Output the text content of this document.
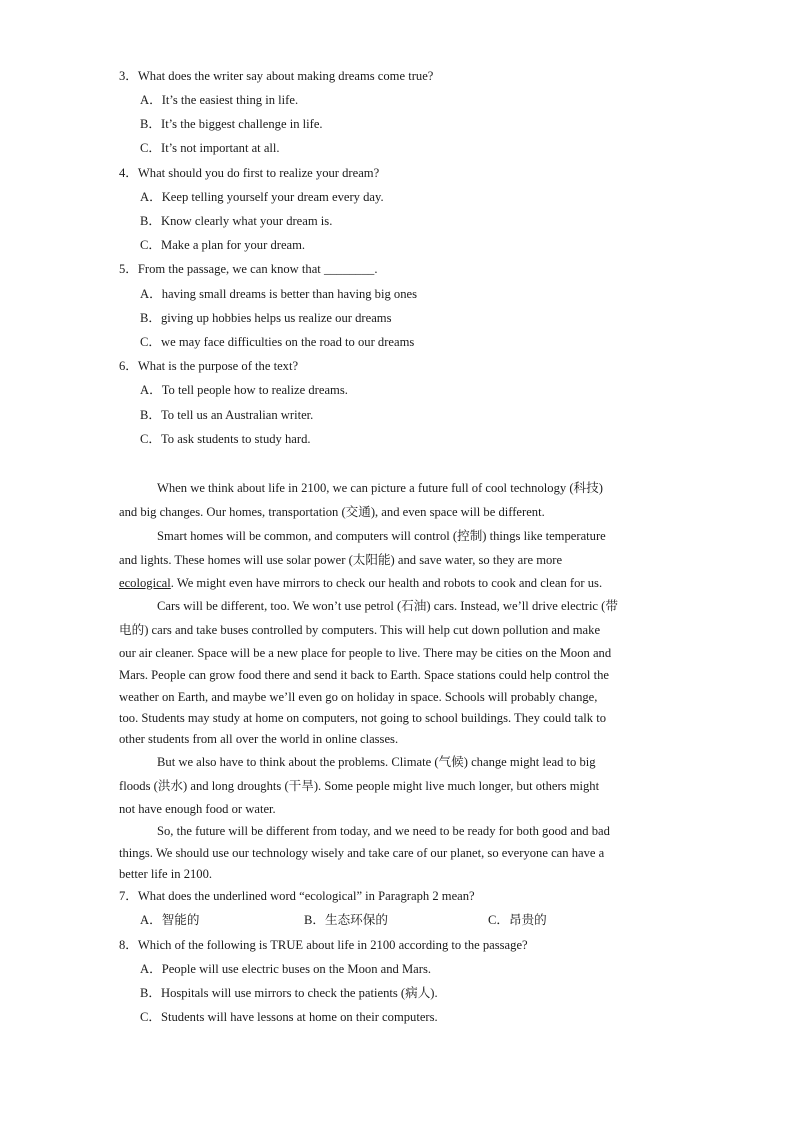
3．What does the writer say about making dreams come true?
A．It’s the easiest thing in life.
B．It’s the biggest challenge in life.
C．It’s not important at all.
4．What should you do first to realize your dream?
A．Keep telling yourself your dream every day.
B．Know clearly what your dream is.
C．Make a plan for your dream.
5．From the passage, we can know that ________.
A．having small dreams is better than having big ones
B．giving up hobbies helps us realize our dreams
C．we may face difficulties on the road to our dreams
6．What is the purpose of the text?
A．To tell people how to realize dreams.
B．To tell us an Australian writer.
C．To ask students to study hard.
When we think about life in 2100, we can picture a future full of cool technology (科技)
and big changes. Our homes, transportation (交通), and even space will be different.
Smart homes will be common, and computers will control (控制) things like temperature
and lights. These homes will use solar power (太阳能) and save water, so they are more
ecological. We might even have mirrors to check our health and robots to cook and clean for us.
Cars will be different, too. We won’t use petrol (石油) cars. Instead, we’ll drive electric (带
电的) cars and take buses controlled by computers. This will help cut down pollution and make
our air cleaner. Space will be a new place for people to live. There may be cities on the Moon and
Mars. People can grow food there and send it back to Earth. Space stations could help control the
weather on Earth, and maybe we’ll even go on holiday in space. Schools will probably change,
too. Students may study at home on computers, not going to school buildings. They could talk to
other students from all over the world in online classes.
But we also have to think about the problems. Climate (气候) change might lead to big
floods (洪水) and long droughts (干旱). Some people might live much longer, but others might
not have enough food or water.
So, the future will be different from today, and we need to be ready for both good and bad
things. We should use our technology wisely and take care of our planet, so everyone can have a
better life in 2100.
7．What does the underlined word “ecological” in Paragraph 2 mean?
A．智能的	B．生态环保的	C．昂贵的
8．Which of the following is TRUE about life in 2100 according to the passage?
A．People will use electric buses on the Moon and Mars.
B．Hospitals will use mirrors to check the patients (病人).
C．Students will have lessons at home on their computers.
